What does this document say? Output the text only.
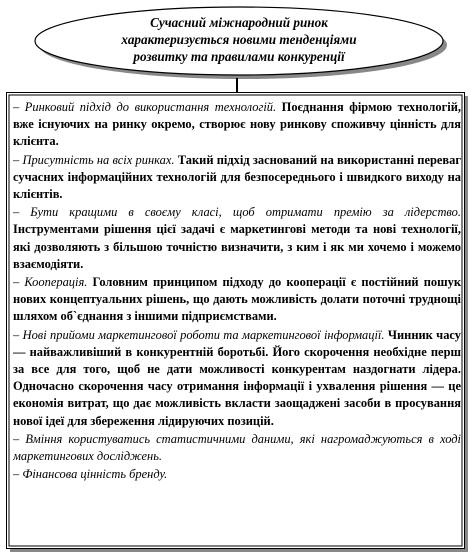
Сучасний міжнародний ринок
характеризується новими тенденціями
розвитку та правилами конкуренції

– Ринковий підхід до використання технологій. Поєднання фірмою технологій, вже існуючих на ринку окремо, створює нову ринкову споживчу цінність для клієнта.

– Присутність на всіх ринках. Такий підхід заснований на використанні переваг сучасних інформаційних технологій для безпосереднього і швидкого виходу на клієнтів.

– Бути кращими в своєму класі, щоб отримати премію за лідерство. Інструментами рішення цієї задачі є маркетингові методи та нові технології, які дозволяють з більшою точністю визначити, з ким і як ми хочемо і можемо взаємодіяти.

– Кооперація. Головним принципом підходу до кооперації є постійний пошук нових концептуальних рішень, що дають можливість долати поточні труднощі шляхом об`єднання з іншими підприємствами.

– Нові прийоми маркетингової роботи та маркетингової інформації. Чинник часу — найважливіший в конкурентній боротьбі. Його скорочення необхідне перш за все для того, щоб не дати можливості конкурентам наздогнати лідера. Одночасно скорочення часу отримання інформації і ухвалення рішення — це економія витрат, що дає можливість вкласти заощаджені засоби в просування нової ідеї для збереження лідируючих позицій.

– Вміння користуватись статистичними даними, які нагромаджуються в ході маркетингових досліджень.

– Фінансова цінність бренду.
